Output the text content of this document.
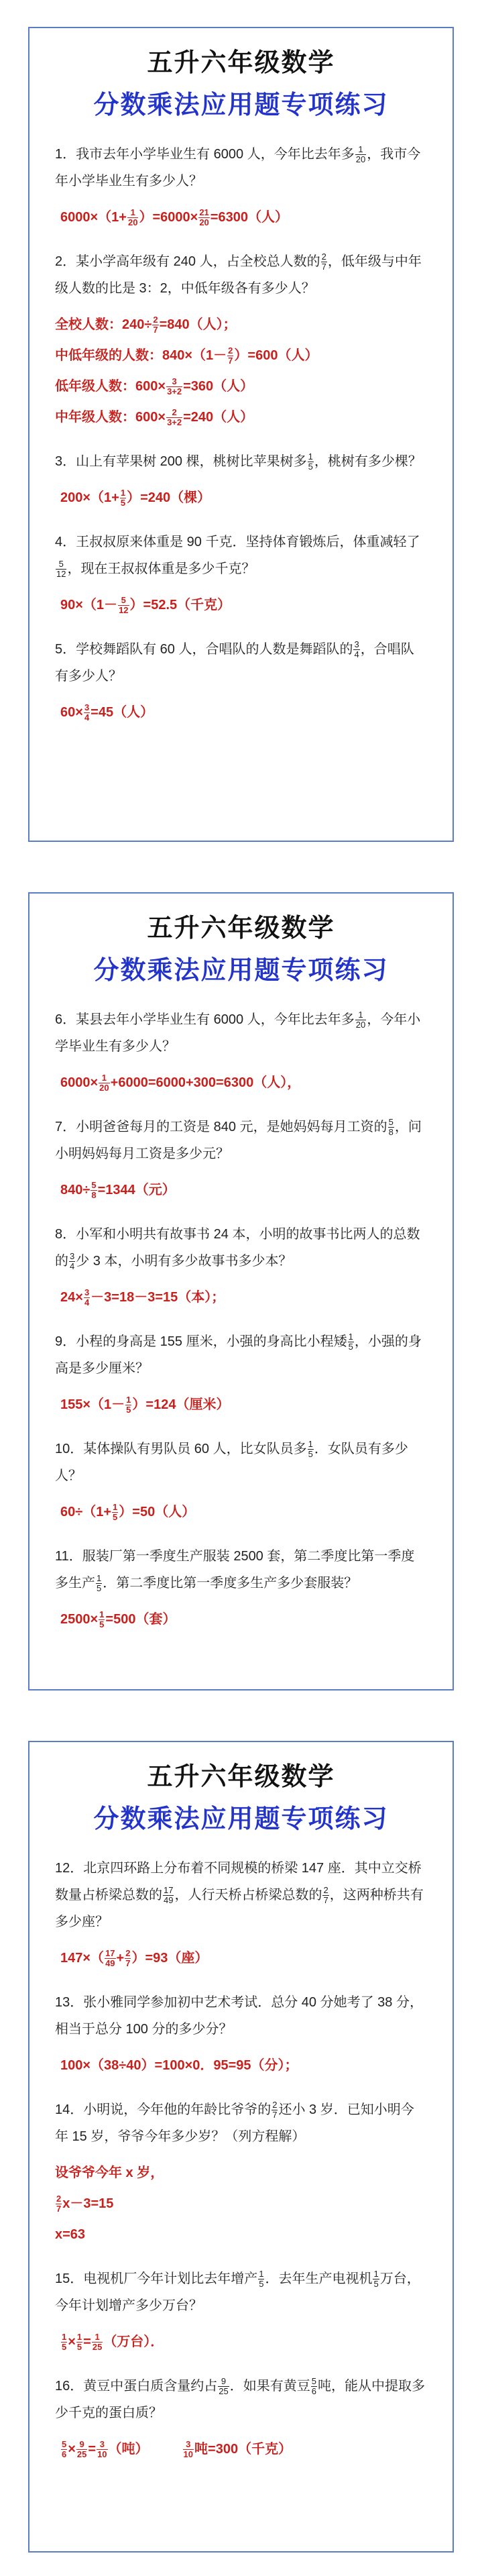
五升六年级数学

分数乘法应用题专项练习

1．我市去年小学毕业生有 6000 人，今年比去年多 $\frac{1}{20}$ ，我市今年小学毕业生有多少人？

$6000\times(1+ \frac{1}{20} )=6000\times \frac{21}{20} =6300$（人）

2．某小学高年级有 240 人，占全校总人数的 $\frac{2}{7}$ ，低年级与中年级人数的比是 3：2，中低年级各有多少人？

全校人数：$240\div \frac{2}{7} =840$（人）；

中低年级的人数：$840\times(1- \frac{2}{7} )=600$（人）

低年级人数：$600\times \frac{3}{3+2} =360$（人）

中年级人数：$600\times \frac{2}{3+2} =240$（人）

3．山上有苹果树 200 棵，桃树比苹果树多 $\frac{1}{5}$ ，桃树有多少棵？

$200\times(1+ \frac{1}{5} )=240$（棵）

4．王叔叔原来体重是 90 千克．坚持体育锻炼后，体重减轻了
$\frac{5}{12}$ ，现在王叔叔体重是多少千克？

$90\times(1- \frac{5}{12} )=52.5$（千克）

5．学校舞蹈队有 60 人，合唱队的人数是舞蹈队的 $\frac{3}{4}$ ，合唱队有多少人？

$60\times \frac{3}{4} =45$（人）

五升六年级数学

分数乘法应用题专项练习

6．某县去年小学毕业生有 6000 人，今年比去年多 $\frac{1}{20}$ ，今年小学毕业生有多少人？

$6000\times \frac{1}{20} +6000=6000+300=6300$（人），

7．小明爸爸每月的工资是 840 元，是她妈妈每月工资的 $\frac{5}{8}$ ，问小明妈妈每月工资是多少元？

$840\div \frac{5}{8} =1344$（元）

8．小军和小明共有故事书 24 本，小明的故事书比两人的总数的 $\frac{3}{4}$ 少 3 本，小明有多少故事书多少本？

$24\times \frac{3}{4} -3=18-3=15$（本）；

9．小程的身高是 155 厘米，小强的身高比小程矮 $\frac{1}{5}$ ，小强的身高是多少厘米？

$155\times(1- \frac{1}{5} )=124$（厘米）

10．某体操队有男队员 60 人，比女队员多 $\frac{1}{5}$ ．女队员有多少人？

$60\div(1+ \frac{1}{5} )=50$（人）

11．服装厂第一季度生产服装 2500 套，第二季度比第一季度多生产 $\frac{1}{5}$ ．第二季度比第一季度多生产多少套服装？

$2500\times \frac{1}{5} =500$（套）

五升六年级数学

分数乘法应用题专项练习

12．北京四环路上分布着不同规模的桥梁 147 座．其中立交桥数量占桥梁总数的 $\frac{17}{49}$ ，人行天桥占桥梁总数的 $\frac{2}{7}$ ，这两种桥共有多少座？

$147\times( \frac{17}{49} + \frac{2}{7} )=93$（座）

13．张小雅同学参加初中艺术考试．总分 40 分她考了 38 分，相当于总分 100 分的多少分？

100×（38÷40）=100×0．95=95（分）；

14．小明说，今年他的年龄比爷爷的 $\frac{2}{7}$ 还小 3 岁．已知小明今年 15 岁，爷爷今年多少岁？（列方程解）

设爷爷今年 x 岁，

$\frac{2}{7} x-3=15$

x=63

15．电视机厂今年计划比去年增产 $\frac{1}{5}$ ．去年生产电视机 $\frac{1}{5}$ 万台，今年计划增产多少万台？

$\frac{1}{5} \times \frac{1}{5} = \frac{1}{25}$ （万台）．

16．黄豆中蛋白质含量约占 $\frac{9}{25}$ ．如果有黄豆 $\frac{5}{6}$ 吨，能从中提取多少千克的蛋白质？

$\frac{5}{6} \times \frac{9}{25} = \frac{3}{10}$ （吨）　　　 $\frac{3}{10}$ 吨=300（千克）
